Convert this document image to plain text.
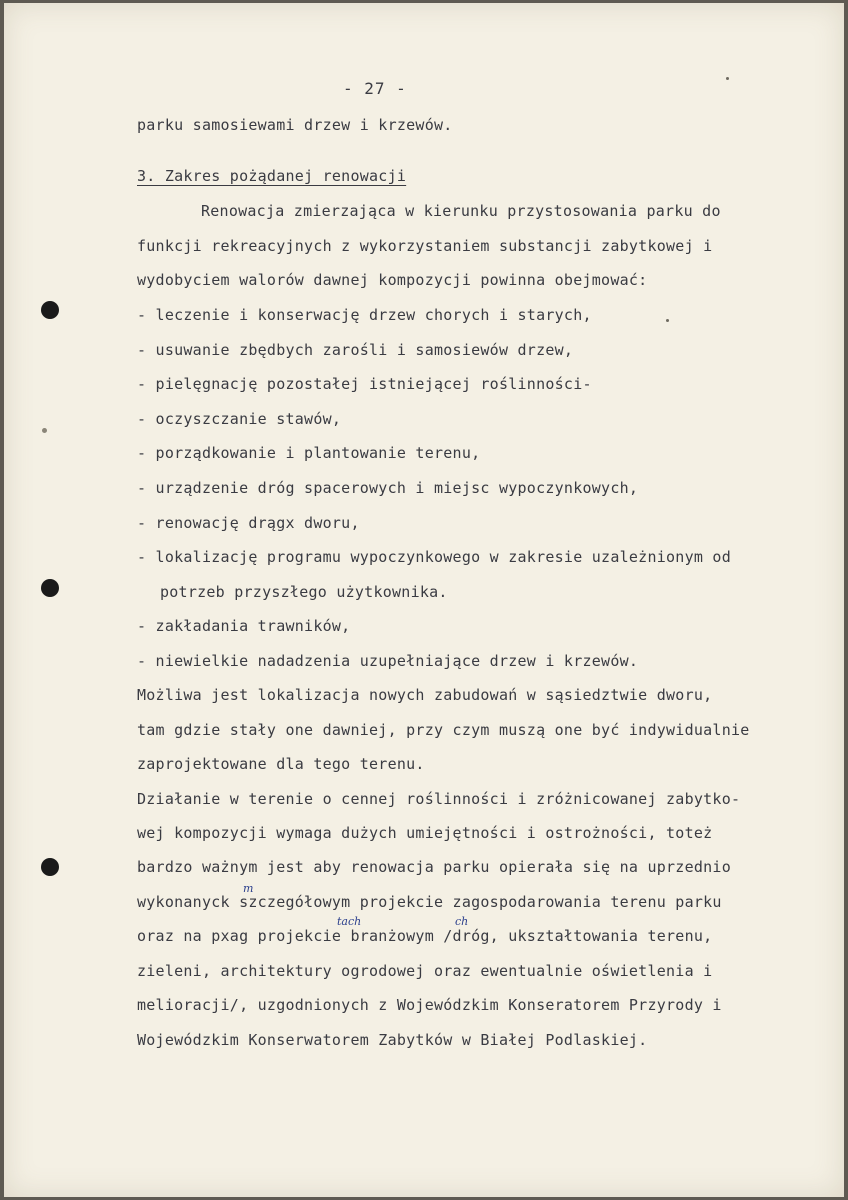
- 27 -
parku samosiewami drzew i krzewów.
3. Zakres pożądanej renowacji
Renowacja zmierzająca w kierunku przystosowania parku do
funkcji rekreacyjnych z wykorzystaniem substancji zabytkowej i
wydobyciem walorów dawnej kompozycji powinna obejmować:
- leczenie i konserwację drzew chorych i starych,
- usuwanie zbędbych zarośli i samosiewów drzew,
- pielęgnację pozostałej istniejącej roślinności-
- oczyszczanie stawów,
- porządkowanie i plantowanie terenu,
- urządzenie dróg spacerowych i miejsc wypoczynkowych,
- renowację drągx dworu,
- lokalizację programu wypoczynkowego w zakresie uzależnionym od
potrzeb przyszłego użytkownika.
- zakładania trawników,
- niewielkie nadadzenia uzupełniające drzew i krzewów.
Możliwa jest lokalizacja nowych zabudowań w sąsiedztwie dworu,
tam gdzie stały one dawniej, przy czym muszą one być indywidualnie
zaprojektowane dla tego terenu.
Działanie w terenie o cennej roślinności i zróżnicowanej zabytko-
wej kompozycji wymaga dużych umiejętności i ostrożności, toteż
bardzo ważnym jest aby renowacja parku opierała się na uprzednio
wykonanyck szczegółowym projekcie zagospodarowania terenu parku
oraz na pxag projekcie branżowym /dróg, ukształtowania terenu,
zieleni, architektury ogrodowej oraz ewentualnie oświetlenia i
melioracji/, uzgodnionych z Wojewódzkim Konseratorem Przyrody i
Wojewódzkim Konserwatorem Zabytków w Białej Podlaskiej.
m
tach	ch
